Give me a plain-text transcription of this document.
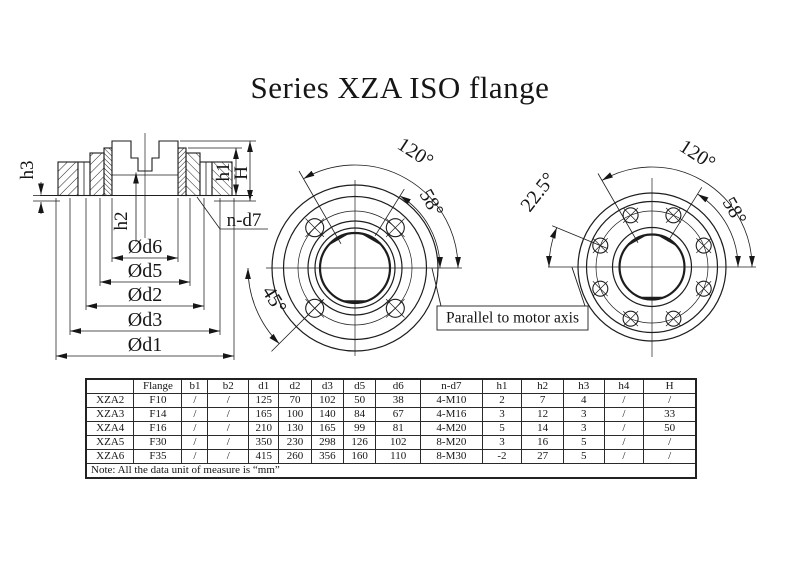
Series XZA ISO flange
h3
h2
h1
H
n-d7
Ød6
Ød5
Ød2
Ød3
Ød1
120°
58°
45°
120°
58°
22.5°
Parallel to motor axis
	Flange	b1	b2	d1	d2	d3	d5	d6	n-d7	h1	h2	h3	h4	H
XZA2	F10	/	/	125	70	102	50	38	4-M10	2	7	4	/	/
XZA3	F14	/	/	165	100	140	84	67	4-M16	3	12	3	/	33
XZA4	F16	/	/	210	130	165	99	81	4-M20	5	14	3	/	50
XZA5	F30	/	/	350	230	298	126	102	8-M20	3	16	5	/	/
XZA6	F35	/	/	415	260	356	160	110	8-M30	-2	27	5	/	/
Note: All the data unit of measure is “mm”														
